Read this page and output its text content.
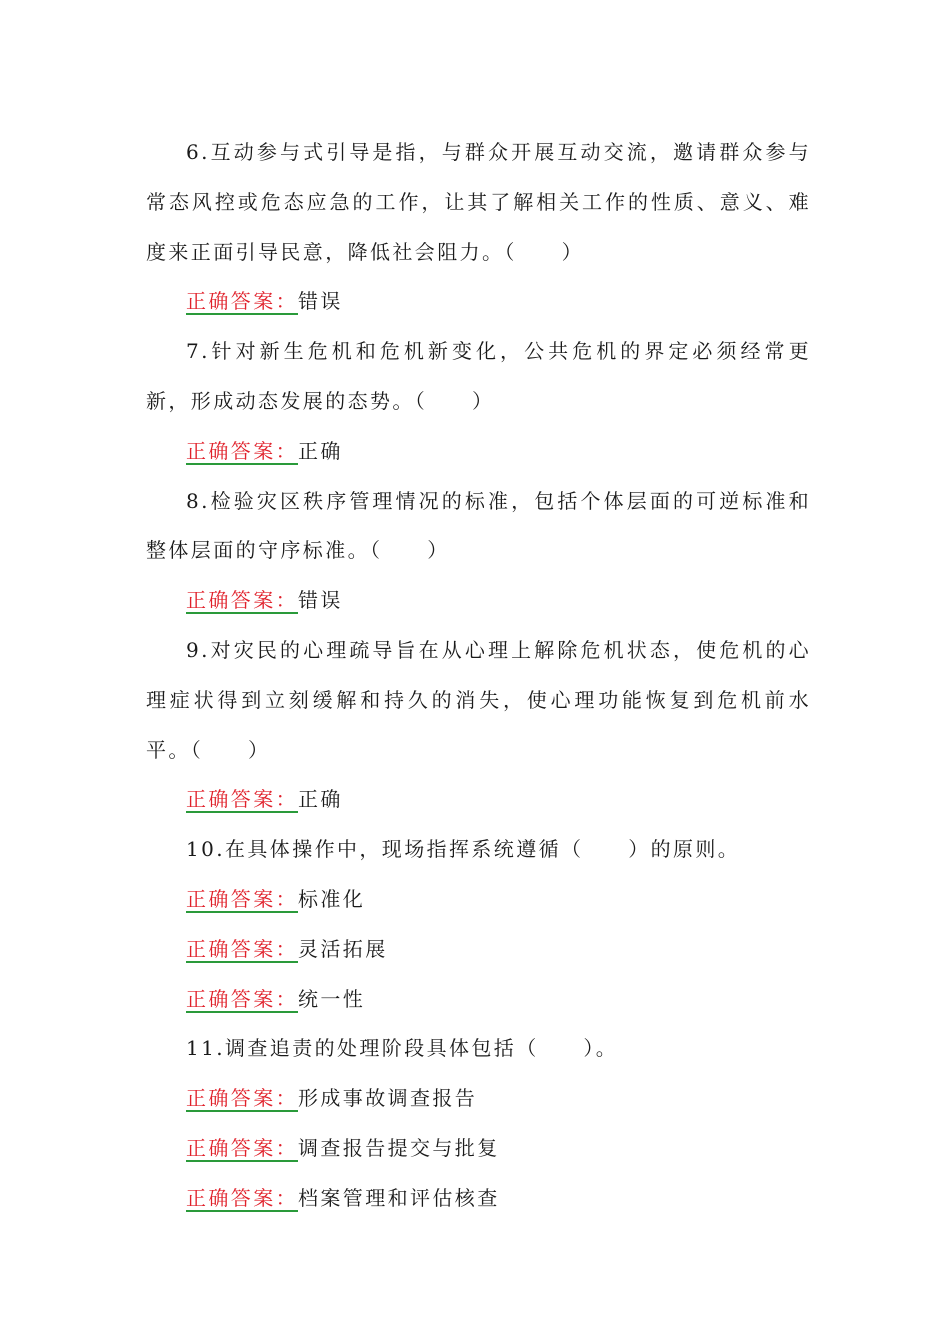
6.互动参与式引导是指，与群众开展互动交流，邀请群众参与常态风控或危态应急的工作，让其了解相关工作的性质、意义、难度来正面引导民意，降低社会阻力。（　　）

正确答案：错误

7.针对新生危机和危机新变化，公共危机的界定必须经常更新，形成动态发展的态势。（　　）

正确答案：正确

8.检验灾区秩序管理情况的标准，包括个体层面的可逆标准和整体层面的守序标准。（　　）

正确答案：错误

9.对灾民的心理疏导旨在从心理上解除危机状态，使危机的心理症状得到立刻缓解和持久的消失，使心理功能恢复到危机前水平。（　　）

正确答案：正确

10.在具体操作中，现场指挥系统遵循（　　）的原则。

正确答案：标准化

正确答案：灵活拓展

正确答案：统一性

11.调查追责的处理阶段具体包括（　　）。

正确答案：形成事故调查报告

正确答案：调查报告提交与批复

正确答案：档案管理和评估核查
